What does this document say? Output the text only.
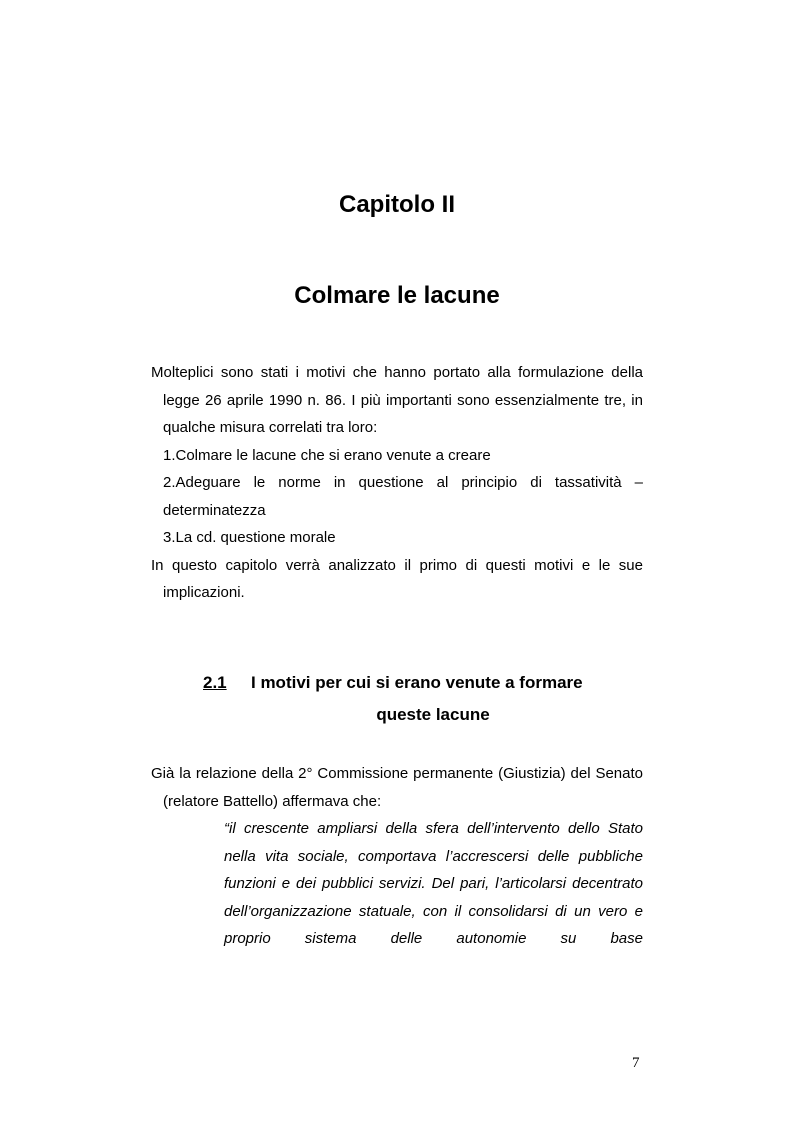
Capitolo II
Colmare le lacune

Molteplici sono stati i motivi che hanno portato alla formulazione della legge 26 aprile 1990 n. 86. I più importanti sono essenzialmente tre, in qualche misura correlati tra loro:

1.Colmare le lacune che si erano venute a creare

2.Adeguare le norme in questione al principio di tassatività – determinatezza

3.La cd. questione morale

In questo capitolo verrà analizzato il primo di questi motivi e le sue implicazioni.

2.1 I motivi per cui si erano venute a formare
queste lacune

Già la relazione della 2° Commissione permanente (Giustizia) del Senato (relatore Battello) affermava che:

“il crescente ampliarsi della sfera dell’intervento dello Stato nella vita sociale, comportava l’accrescersi delle pubbliche funzioni e dei pubblici servizi. Del pari, l’articolarsi decentrato dell’organizzazione statuale, con il consolidarsi di un vero e proprio sistema delle autonomie su base
7
